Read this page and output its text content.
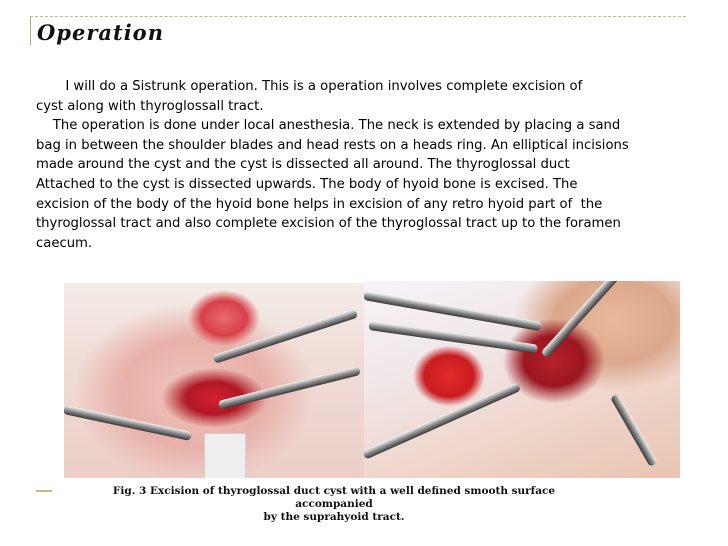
Operation

I will do a Sistrunk operation. This is a operation involves complete excision of
cyst along with thyroglossall tract.

The operation is done under local anesthesia. The neck is extended by placing a sand
bag in between the shoulder blades and head rests on a heads ring. An elliptical incisions
made around the cyst and the cyst is dissected all around. The thyroglossal duct
Attached to the cyst is dissected upwards. The body of hyoid bone is excised. The
excision of the body of the hyoid bone helps in excision of any retro hyoid part of  the
thyroglossal tract and also complete excision of the thyroglossal tract up to the foramen
caecum.

Fig. 3 Excision of thyroglossal duct cyst with a well defined smooth surface accompanied
by the suprahyoid tract.
